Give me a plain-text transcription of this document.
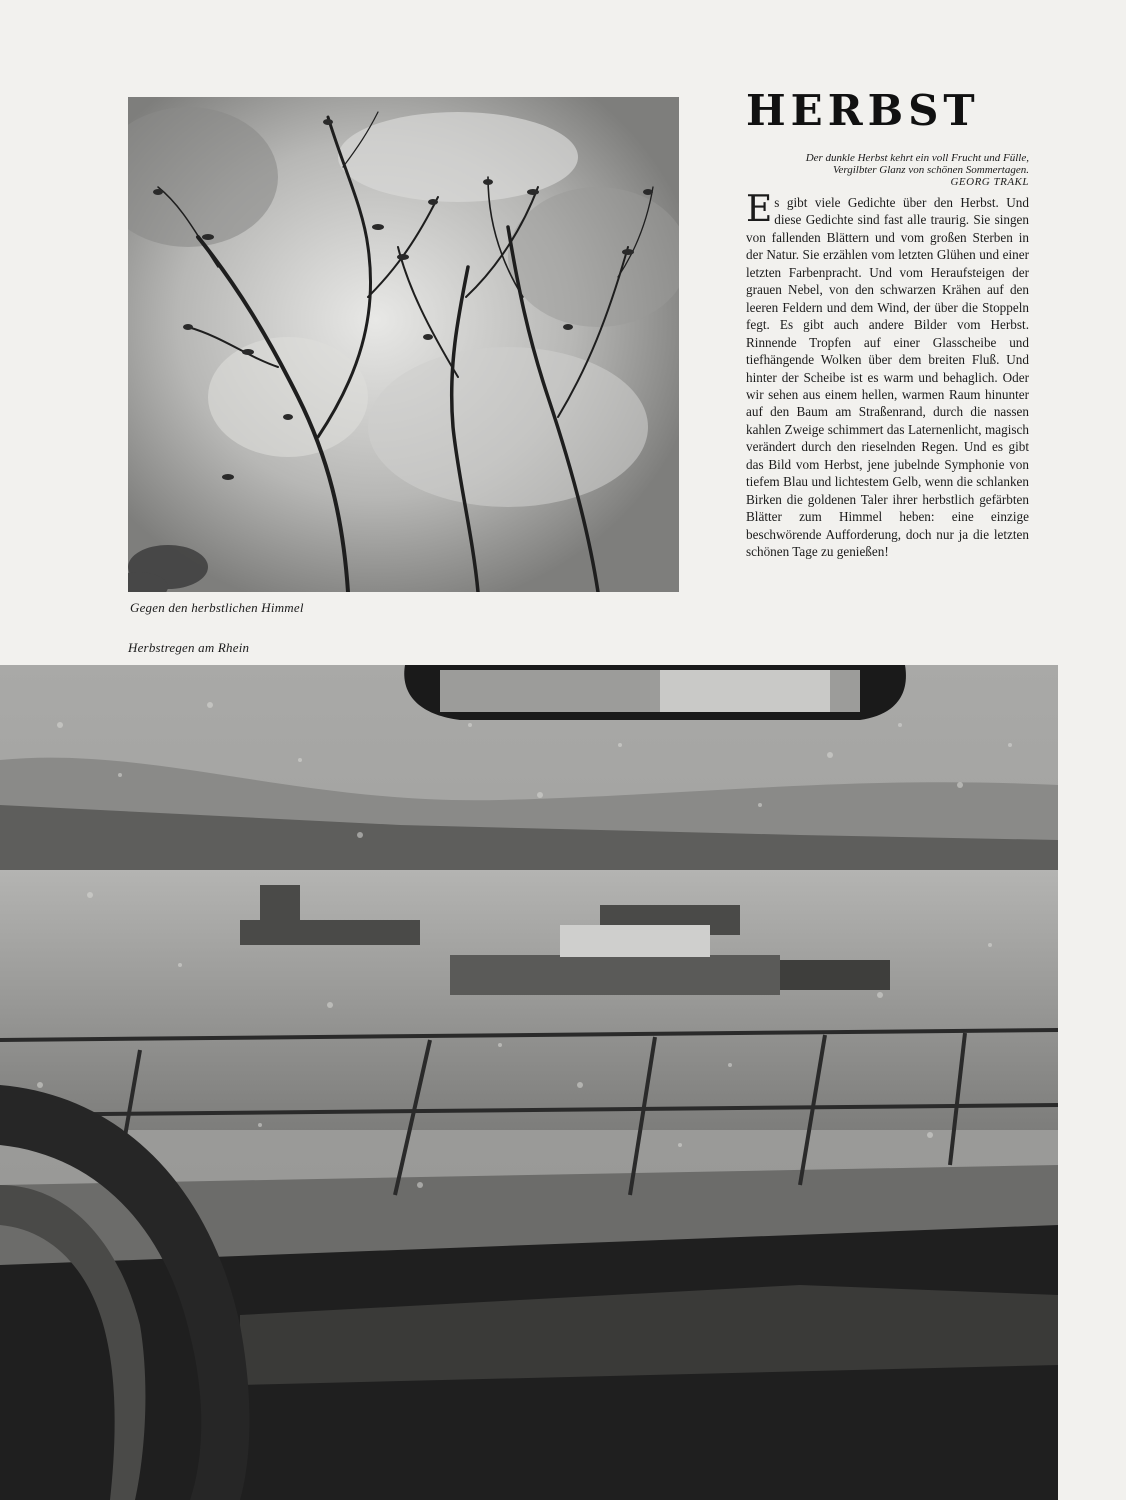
Gegen den herbstlichen Himmel
HERBST
Der dunkle Herbst kehrt ein voll Frucht und Fülle,
Vergilbter Glanz von schönen Sommertagen.
GEORG TRAKL

Es gibt viele Gedichte über den Herbst. Und diese Gedichte sind fast alle traurig. Sie singen von fallenden Blättern und vom großen Sterben in der Natur. Sie erzählen vom letzten Glühen und einer letzten Farbenpracht. Und vom Heraufsteigen der grauen Nebel, von den schwarzen Krähen auf den leeren Feldern und dem Wind, der über die Stoppeln fegt. Es gibt auch andere Bilder vom Herbst. Rinnende Tropfen auf einer Glasscheibe und tiefhängende Wolken über dem breiten Fluß. Und hinter der Scheibe ist es warm und behaglich. Oder wir sehen aus einem hellen, warmen Raum hinunter auf den Baum am Straßenrand, durch die nassen kahlen Zweige schimmert das Laternenlicht, magisch verändert durch den rieselnden Regen. Und es gibt das Bild vom Herbst, jene jubelnde Symphonie von tiefem Blau und lichtestem Gelb, wenn die schlanken Birken die goldenen Taler ihrer herbstlich gefärbten Blätter zum Himmel heben: eine einzige beschwörende Aufforderung, doch nur ja die letzten schönen Tage zu genießen!

Herbstregen am Rhein
